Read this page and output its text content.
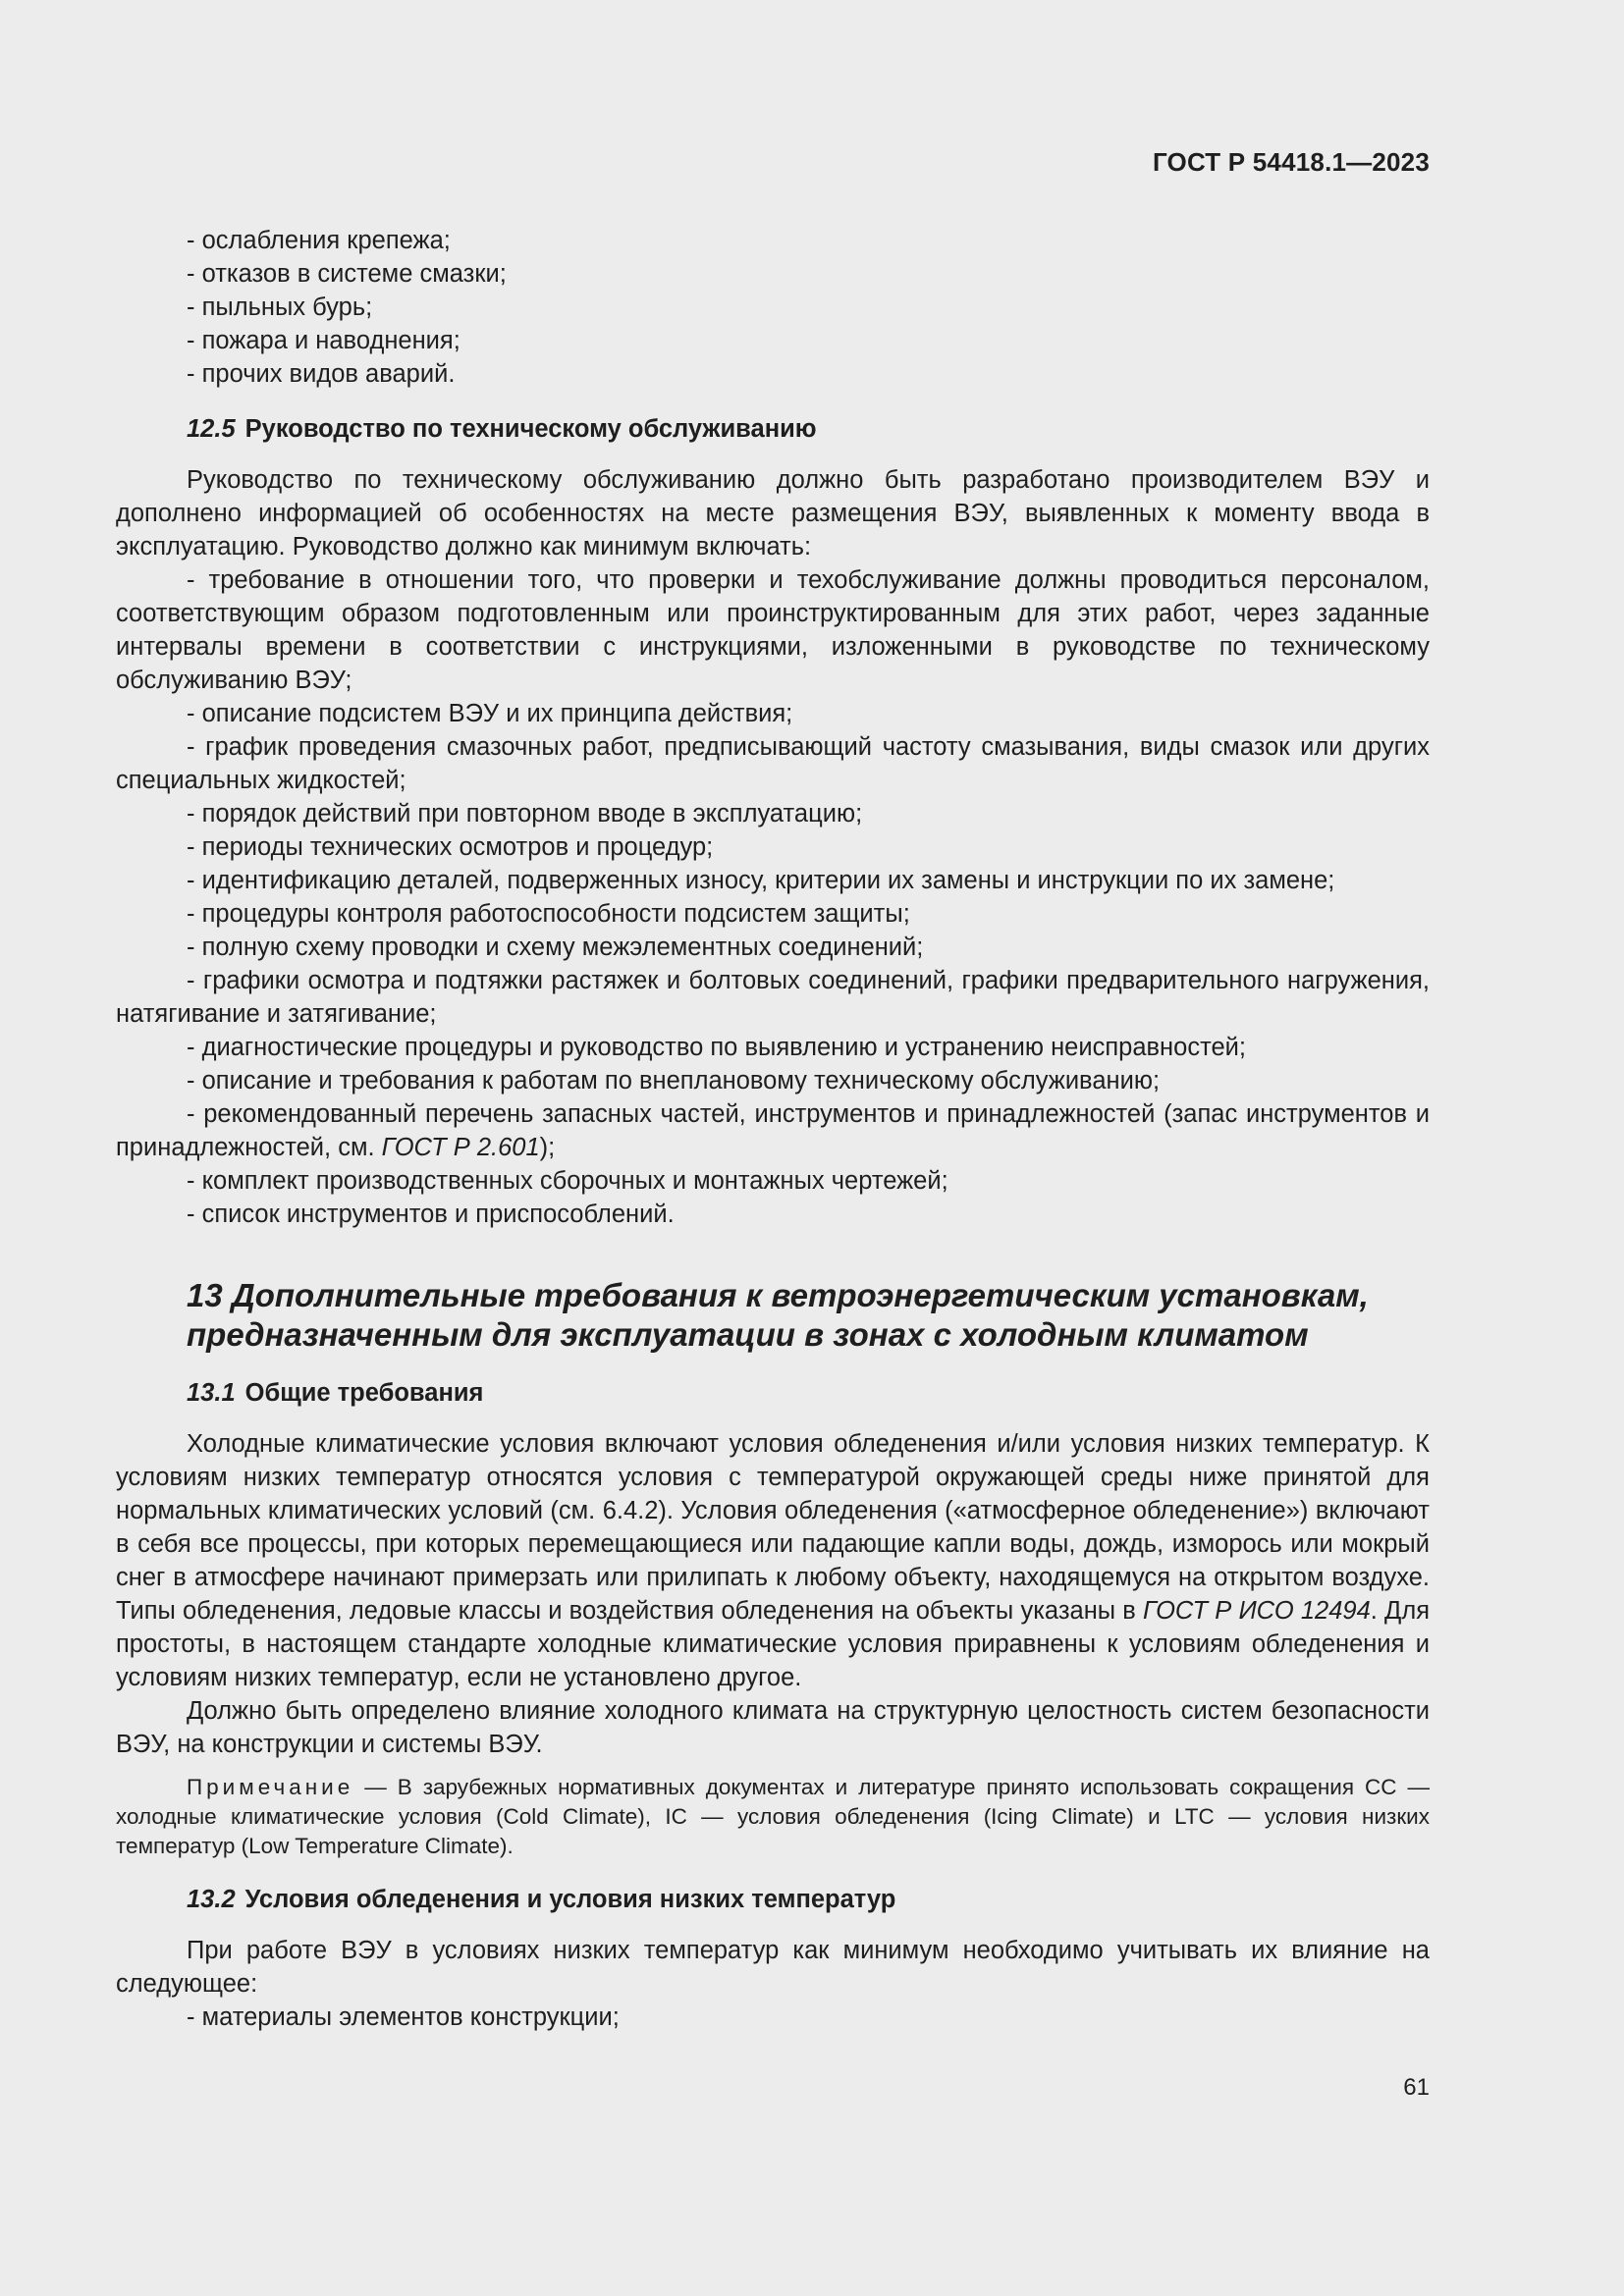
ГОСТ Р 54418.1—2023

- ослабления крепежа;

- отказов в системе смазки;

- пыльных бурь;

- пожара и наводнения;

- прочих видов аварий.

12.5 Руководство по техническому обслуживанию

Руководство по техническому обслуживанию должно быть разработано производителем ВЭУ и дополнено информацией об особенностях на месте размещения ВЭУ, выявленных к моменту ввода в эксплуатацию. Руководство должно как минимум включать:

- требование в отношении того, что проверки и техобслуживание должны проводиться персоналом, соответствующим образом подготовленным или проинструктированным для этих работ, через заданные интервалы времени в соответствии с инструкциями, изложенными в руководстве по техническому обслуживанию ВЭУ;

- описание подсистем ВЭУ и их принципа действия;

- график проведения смазочных работ, предписывающий частоту смазывания, виды смазок или других специальных жидкостей;

- порядок действий при повторном вводе в эксплуатацию;

- периоды технических осмотров и процедур;

- идентификацию деталей, подверженных износу, критерии их замены и инструкции по их замене;

- процедуры контроля работоспособности подсистем защиты;

- полную схему проводки и схему межэлементных соединений;

- графики осмотра и подтяжки растяжек и болтовых соединений, графики предварительного нагружения, натягивание и затягивание;

- диагностические процедуры и руководство по выявлению и устранению неисправностей;

- описание и требования к работам по внеплановому техническому обслуживанию;

- рекомендованный перечень запасных частей, инструментов и принадлежностей (запас инструментов и принадлежностей, см. ГОСТ Р 2.601);

- комплект производственных сборочных и монтажных чертежей;

- список инструментов и приспособлений.

13 Дополнительные требования к ветроэнергетическим установкам, предназначенным для эксплуатации в зонах с холодным климатом
13.1 Общие требования

Холодные климатические условия включают условия обледенения и/или условия низких температур. К условиям низких температур относятся условия с температурой окружающей среды ниже принятой для нормальных климатических условий (см. 6.4.2). Условия обледенения («атмосферное обледенение») включают в себя все процессы, при которых перемещающиеся или падающие капли воды, дождь, изморось или мокрый снег в атмосфере начинают примерзать или прилипать к любому объекту, находящемуся на открытом воздухе. Типы обледенения, ледовые классы и воздействия обледенения на объекты указаны в ГОСТ Р ИСО 12494. Для простоты, в настоящем стандарте холодные климатические условия приравнены к условиям обледенения и условиям низких температур, если не установлено другое.

Должно быть определено влияние холодного климата на структурную целостность систем безопасности ВЭУ, на конструкции и системы ВЭУ.

Примечание — В зарубежных нормативных документах и литературе принято использовать сокращения CC — холодные климатические условия (Cold Climate), IC — условия обледенения (Icing Climate) и LTC — условия низких температур (Low Temperature Climate).

13.2 Условия обледенения и условия низких температур

При работе ВЭУ в условиях низких температур как минимум необходимо учитывать их влияние на следующее:

- материалы элементов конструкции;

61
